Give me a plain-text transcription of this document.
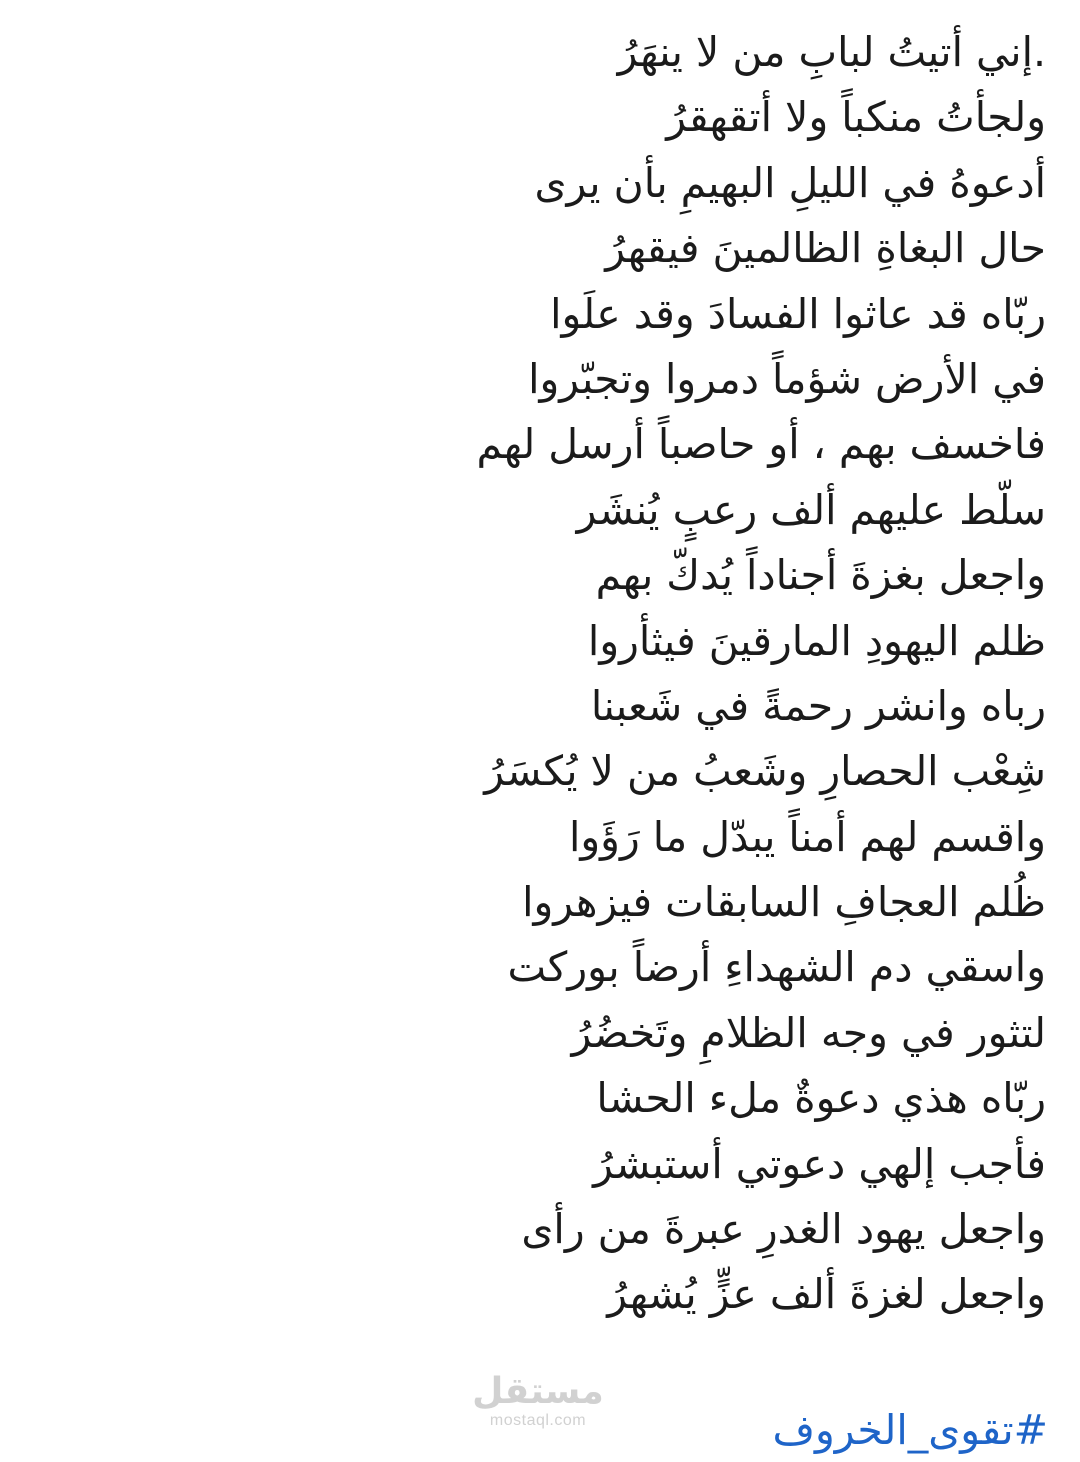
.إني أتيتُ لبابِ من لا ينهَرُ
ولجأتُ منكباً ولا أتقهقرُ
أدعوهُ في الليلِ البهيمِ بأن يرى
حال البغاةِ الظالمينَ فيقهرُ
ربّاه قد عاثوا الفسادَ وقد علَوا
في الأرض شؤماً دمروا وتجبّروا
فاخسف بهم ، أو حاصباً أرسل لهم
سلّط عليهم ألف رعبٍ يُنشَر
واجعل بغزةَ أجناداً يُدكّ بهم
ظلم اليهودِ المارقينَ فيثأروا
رباه وانشر رحمةً في شَعبنا
شِعْب الحصارِ وشَعبُ من لا يُكسَرُ
واقسم لهم أمناً يبدّل ما رَؤَوا
ظُلم العجافِ السابقات فيزهروا
واسقي دم الشهداءِ أرضاً بوركت
لتثور في وجه الظلامِ وتَخضُرُ
ربّاه هذي دعوةٌ ملء الحشا
فأجب إلهي دعوتي أستبشرُ
واجعل يهود الغدرِ عبرةَ من رأى
واجعل لغزةَ ألف عزٍّ يُشهرُ
مستقل
mostaql.com	#تقوى_الخروف
